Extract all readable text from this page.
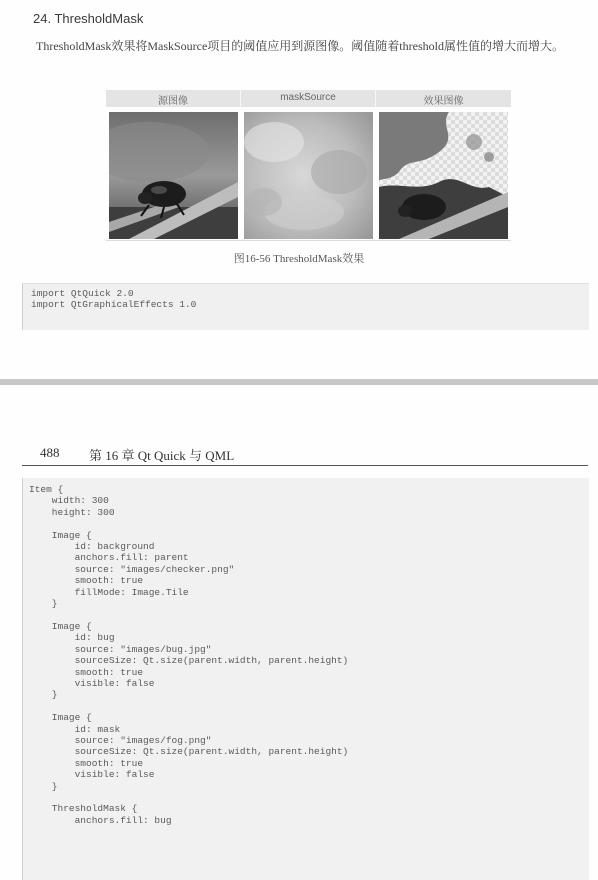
24. ThresholdMask
ThresholdMask效果将MaskSource项目的阈值应用到源图像。阈值随着threshold属性值的增大而增大。
源图像	maskSource	效果图像
图16-56 ThresholdMask效果
import QtQuick 2.0
import QtGraphicalEffects 1.0
488 第 16 章 Qt Quick 与 QML
Item {
width: 300
height: 300

Image {
id: background
anchors.fill: parent
source: "images/checker.png"
smooth: true
fillMode: Image.Tile
}

Image {
id: bug
source: "images/bug.jpg"
sourceSize: Qt.size(parent.width, parent.height)
smooth: true
visible: false
}

Image {
id: mask
source: "images/fog.png"
sourceSize: Qt.size(parent.width, parent.height)
smooth: true
visible: false
}

ThresholdMask {
anchors.fill: bug
